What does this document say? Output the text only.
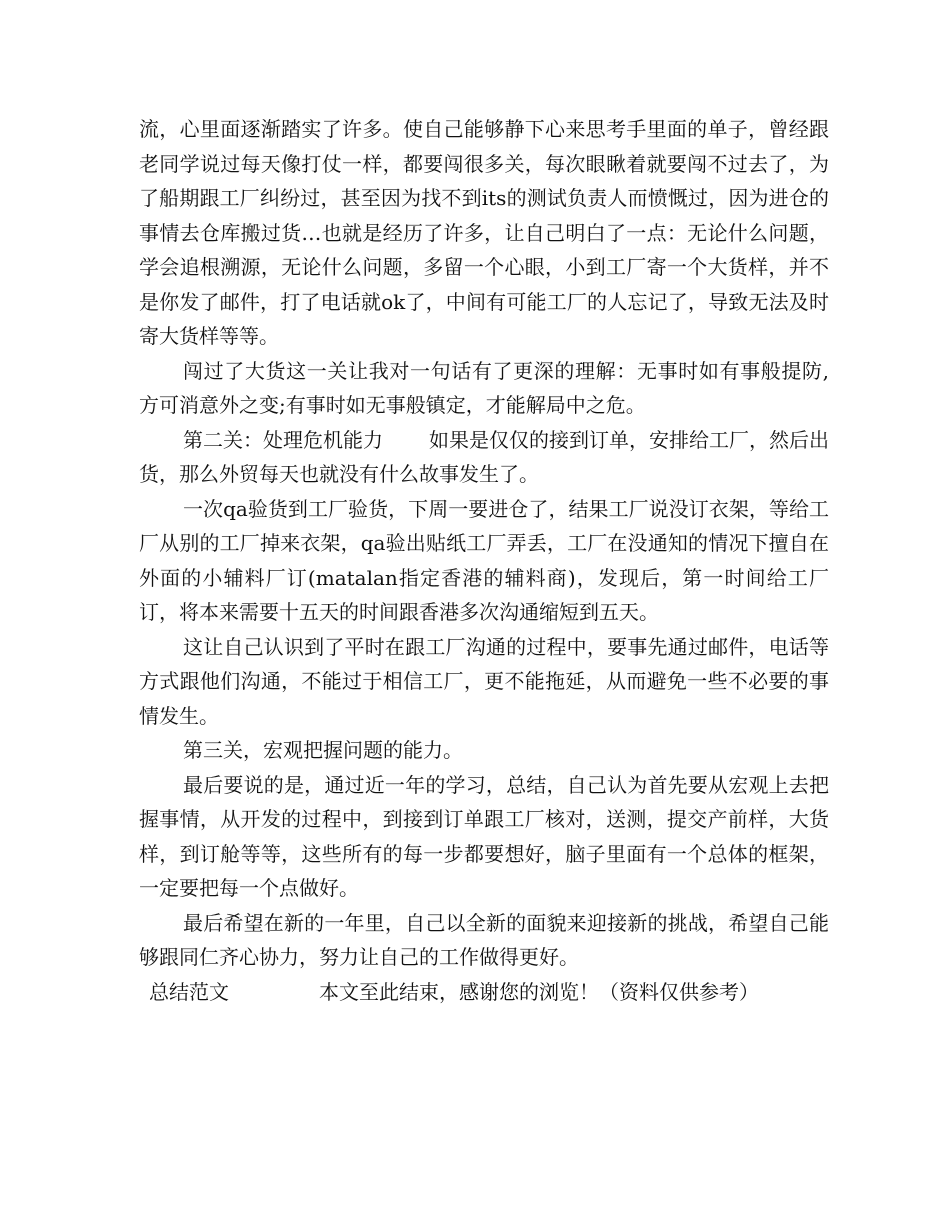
流，心里面逐渐踏实了许多。使自己能够静下心来思考手里面的单子，曾经跟老同学说过每天像打仗一样，都要闯很多关，每次眼瞅着就要闯不过去了，为了船期跟工厂纠纷过，甚至因为找不到its的测试负责人而愤慨过，因为进仓的事情去仓库搬过货…也就是经历了许多，让自己明白了一点：无论什么问题，学会追根溯源，无论什么问题，多留一个心眼，小到工厂寄一个大货样，并不是你发了邮件，打了电话就ok了，中间有可能工厂的人忘记了，导致无法及时寄大货样等等。

闯过了大货这一关让我对一句话有了更深的理解：无事时如有事般提防,方可消意外之变;有事时如无事般镇定，才能解局中之危。

第二关：处理危机能力 如果是仅仅的接到订单，安排给工厂，然后出货，那么外贸每天也就没有什么故事发生了。

一次qa验货到工厂验货，下周一要进仓了，结果工厂说没订衣架，等给工厂从别的工厂掉来衣架，qa验出贴纸工厂弄丢，工厂在没通知的情况下擅自在外面的小辅料厂订(matalan指定香港的辅料商)，发现后，第一时间给工厂订，将本来需要十五天的时间跟香港多次沟通缩短到五天。

这让自己认识到了平时在跟工厂沟通的过程中，要事先通过邮件，电话等方式跟他们沟通，不能过于相信工厂，更不能拖延，从而避免一些不必要的事情发生。

第三关，宏观把握问题的能力。

最后要说的是，通过近一年的学习，总结，自己认为首先要从宏观上去把握事情，从开发的过程中，到接到订单跟工厂核对，送测，提交产前样，大货样，到订舱等等，这些所有的每一步都要想好，脑子里面有一个总体的框架，一定要把每一个点做好。

最后希望在新的一年里，自己以全新的面貌来迎接新的挑战，希望自己能够跟同仁齐心协力，努力让自己的工作做得更好。

总结范文	本文至此结束，感谢您的浏览！（资料仅供参考）
